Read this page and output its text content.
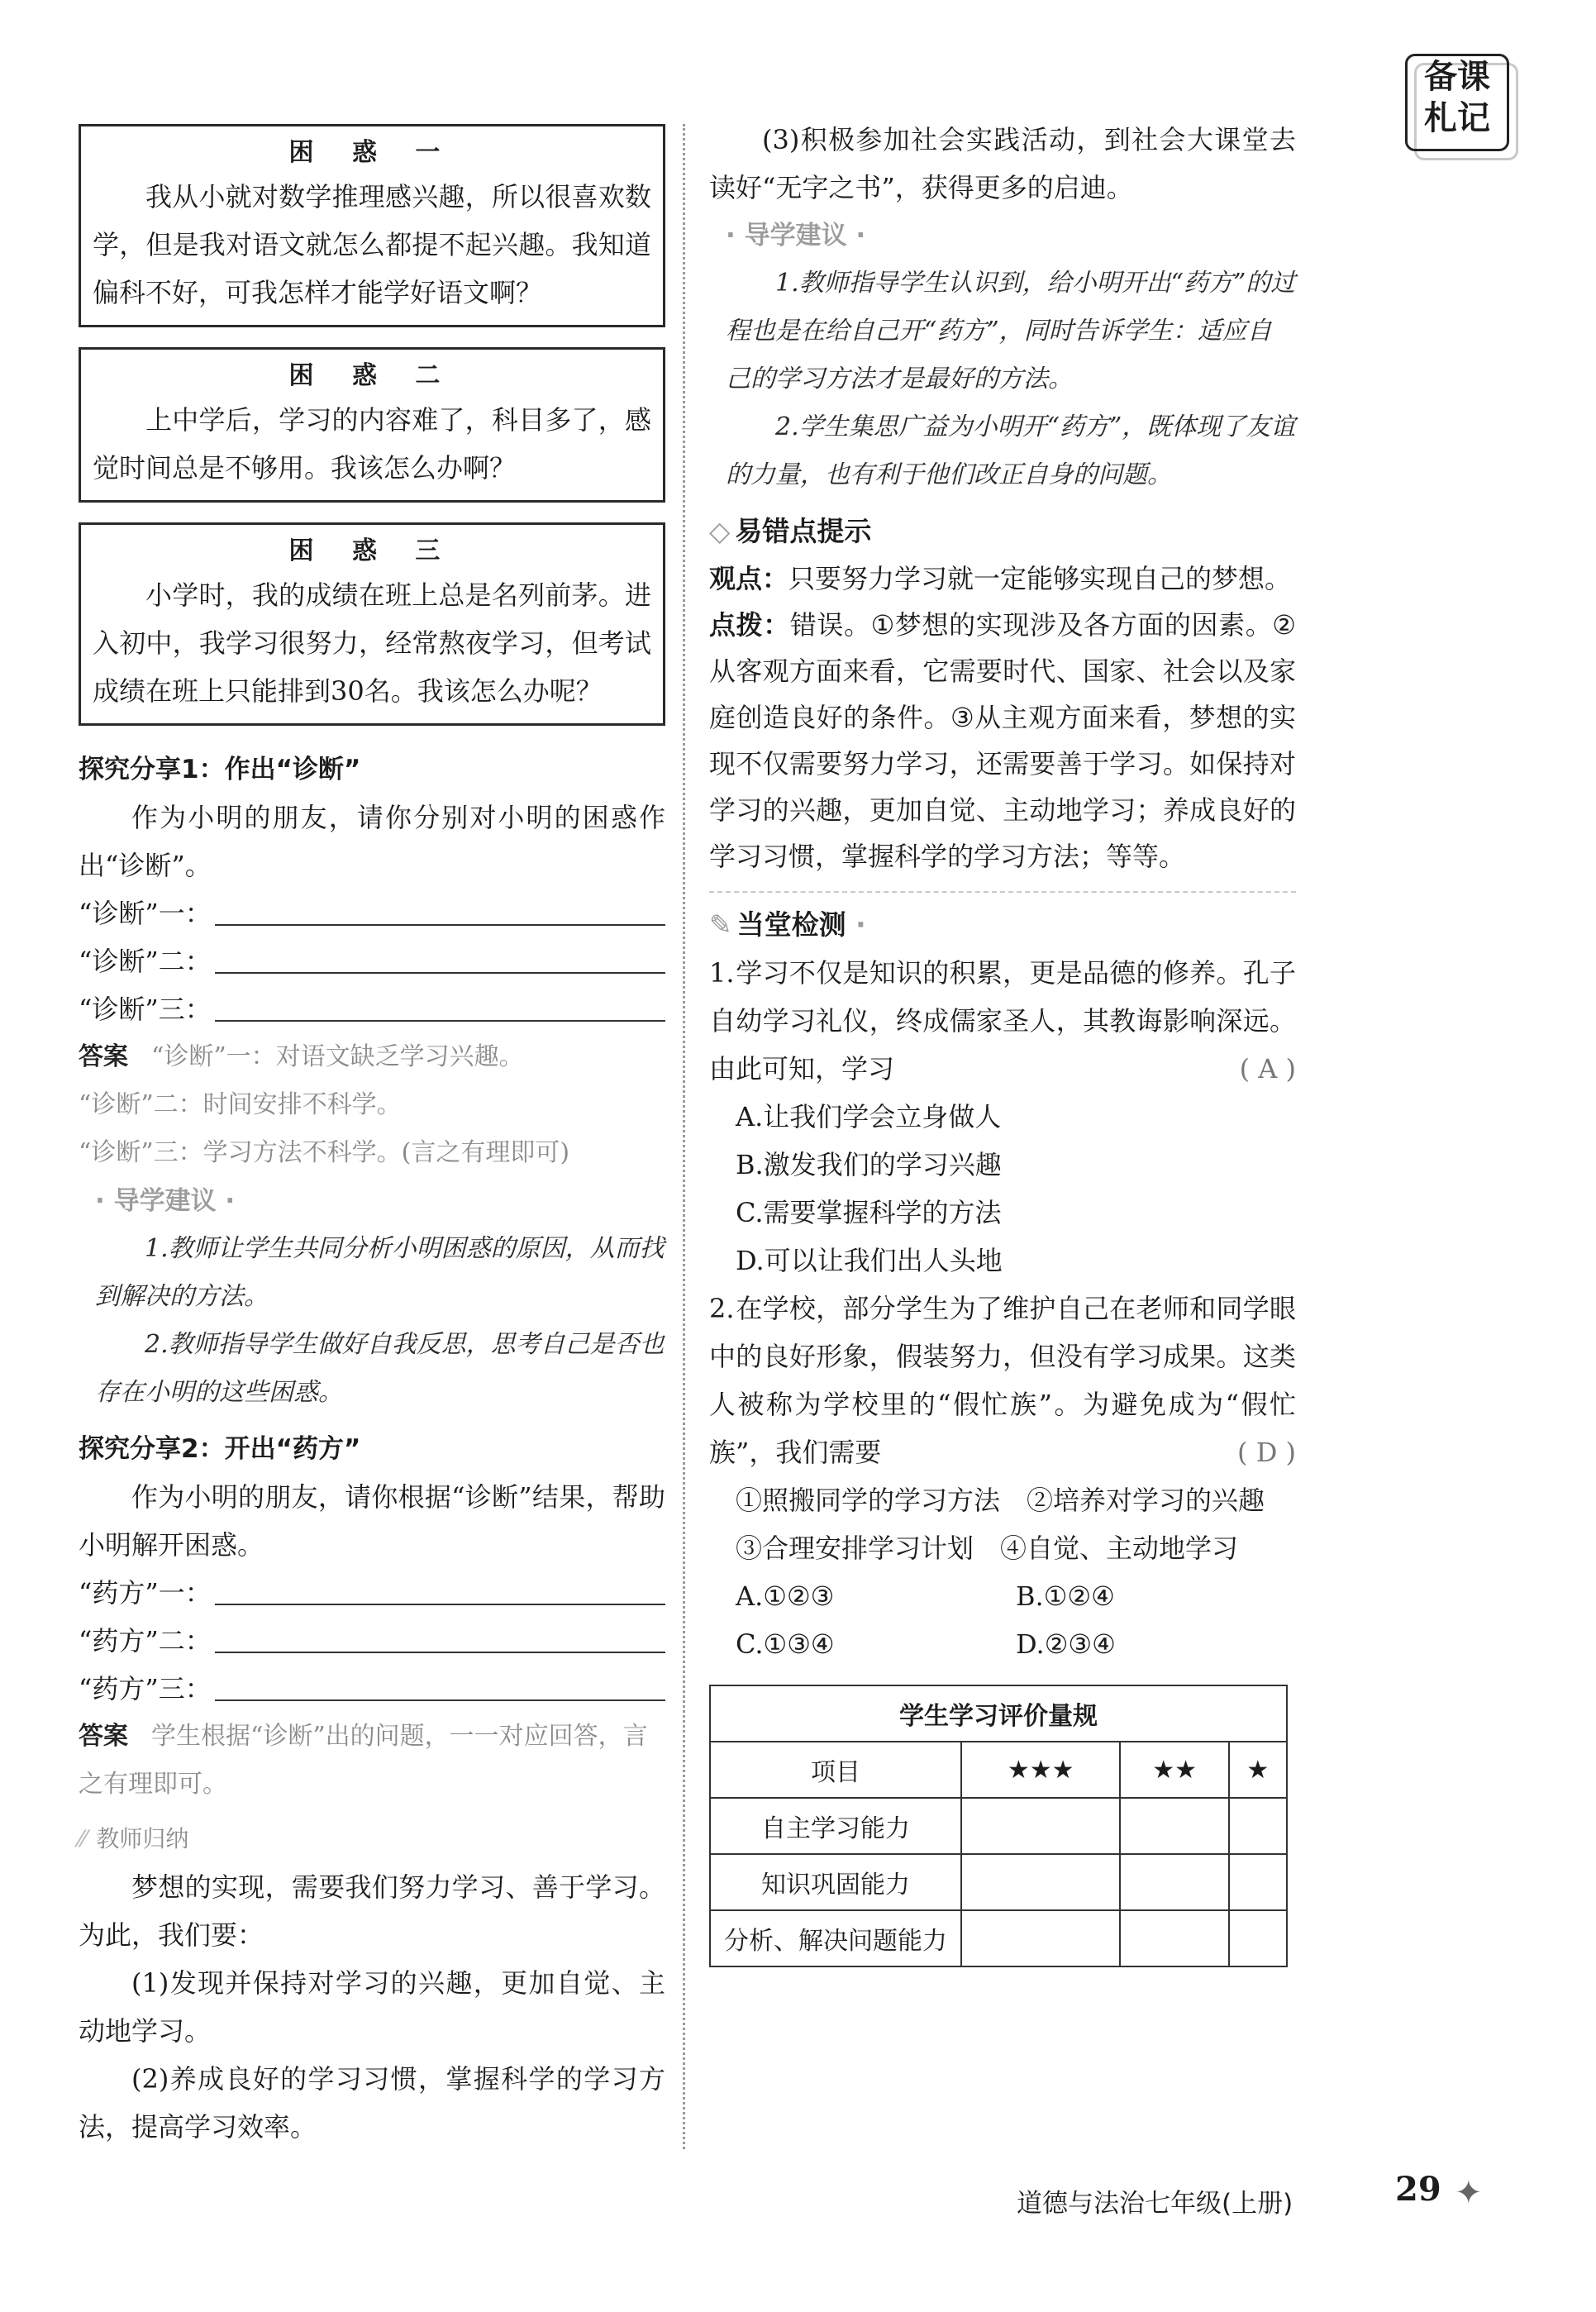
备课
札记
困 惑 一
我从小就对数学推理感兴趣，所以很喜欢数学，但是我对语文就怎么都提不起兴趣。我知道偏科不好，可我怎样才能学好语文啊？
困 惑 二
上中学后，学习的内容难了，科目多了，感觉时间总是不够用。我该怎么办啊？
困 惑 三
小学时，我的成绩在班上总是名列前茅。进入初中，我学习很努力，经常熬夜学习，但考试成绩在班上只能排到30名。我该怎么办呢？
探究分享1：作出“诊断”
作为小明的朋友，请你分别对小明的困惑作出“诊断”。
“诊断”一：
“诊断”二：
“诊断”三：
答案 “诊断”一：对语文缺乏学习兴趣。
“诊断”二：时间安排不科学。
“诊断”三：学习方法不科学。(言之有理即可)
· 导学建议 ·
1.教师让学生共同分析小明困惑的原因，从而找到解决的方法。
2.教师指导学生做好自我反思，思考自己是否也存在小明的这些困惑。
探究分享2：开出“药方”
作为小明的朋友，请你根据“诊断”结果，帮助小明解开困惑。
“药方”一：
“药方”二：
“药方”三：
答案 学生根据“诊断”出的问题，一一对应回答，言之有理即可。
⁄⁄ 教师归纳
梦想的实现，需要我们努力学习、善于学习。为此，我们要：
(1)发现并保持对学习的兴趣，更加自觉、主动地学习。
(2)养成良好的学习习惯，掌握科学的学习方法，提高学习效率。
(3)积极参加社会实践活动，到社会大课堂去读好“无字之书”，获得更多的启迪。
· 导学建议 ·
1.教师指导学生认识到，给小明开出“药方”的过程也是在给自己开“药方”，同时告诉学生：适应自己的学习方法才是最好的方法。
2.学生集思广益为小明开“药方”，既体现了友谊的力量，也有利于他们改正自身的问题。
◇ 易错点提示
观点：只要努力学习就一定能够实现自己的梦想。
点拨：错误。①梦想的实现涉及各方面的因素。②从客观方面来看，它需要时代、国家、社会以及家庭创造良好的条件。③从主观方面来看，梦想的实现不仅需要努力学习，还需要善于学习。如保持对学习的兴趣，更加自觉、主动地学习；养成良好的学习习惯，掌握科学的学习方法；等等。
✎ 当堂检测 ·
1.学习不仅是知识的积累，更是品德的修养。孔子自幼学习礼仪，终成儒家圣人，其教诲影响深远。由此可知，学习	( A )
A.让我们学会立身做人
B.激发我们的学习兴趣
C.需要掌握科学的方法
D.可以让我们出人头地
2.在学校，部分学生为了维护自己在老师和同学眼中的良好形象，假装努力，但没有学习成果。这类人被称为学校里的“假忙族”。为避免成为“假忙族”，我们需要	( D )
①照搬同学的学习方法　②培养对学习的兴趣　③合理安排学习计划　④自觉、主动地学习
A.①②③	B.①②④
C.①③④	D.②③④
学生学习评价量规			
项目	★★★	★★	★
自主学习能力			
知识巩固能力			
分析、解决问题能力			
道德与法治七年级(上册)	29 ✦
